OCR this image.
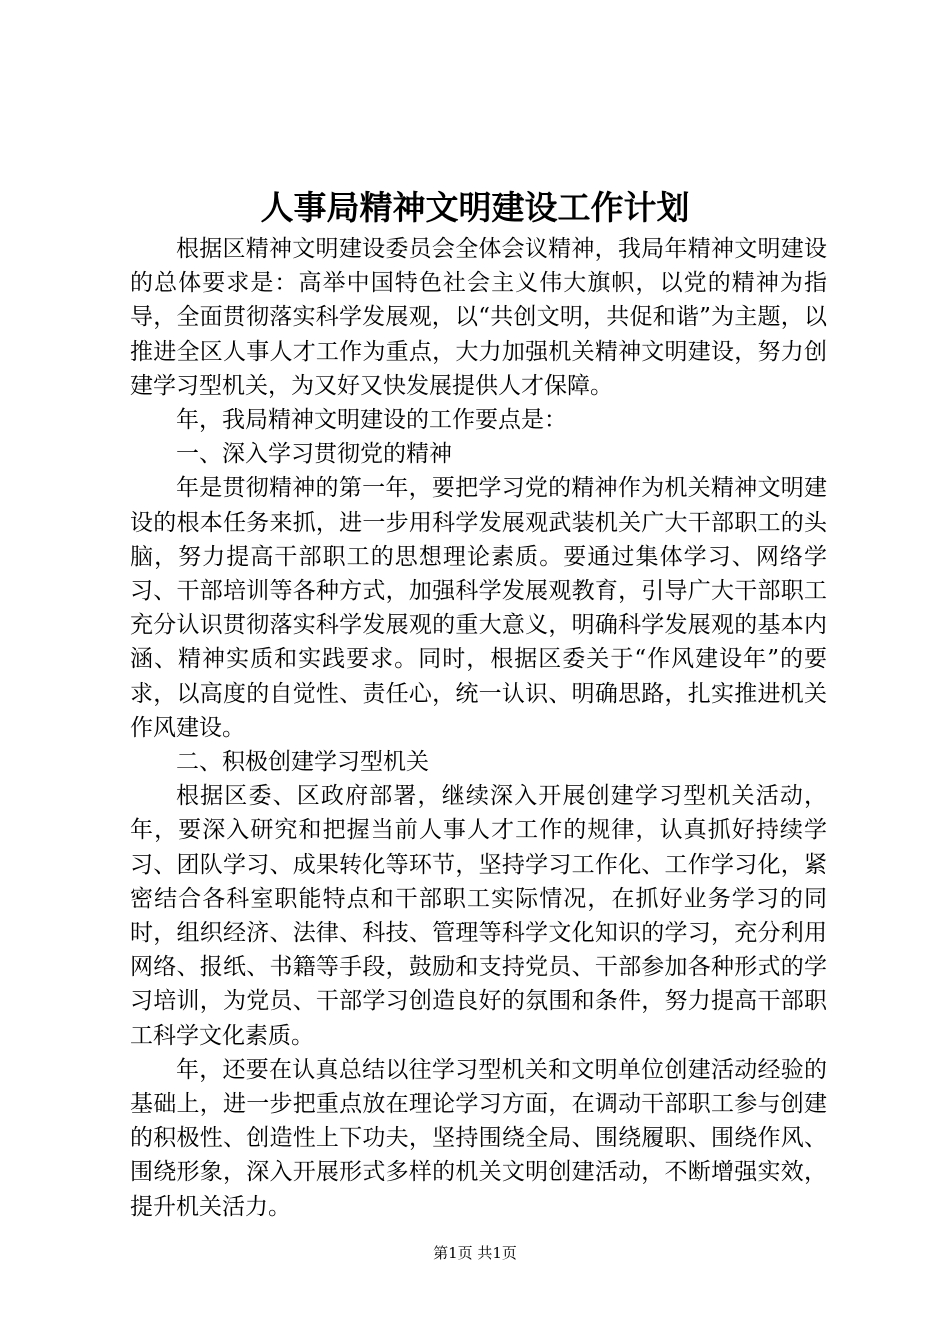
人事局精神文明建设工作计划

根据区精神文明建设委员会全体会议精神，我局年精神文明建设的总体要求是：高举中国特色社会主义伟大旗帜，以党的精神为指导，全面贯彻落实科学发展观，以“共创文明，共促和谐”为主题，以推进全区人事人才工作为重点，大力加强机关精神文明建设，努力创建学习型机关，为又好又快发展提供人才保障。

年，我局精神文明建设的工作要点是：

一、深入学习贯彻党的精神

年是贯彻精神的第一年，要把学习党的精神作为机关精神文明建设的根本任务来抓，进一步用科学发展观武装机关广大干部职工的头脑，努力提高干部职工的思想理论素质。要通过集体学习、网络学习、干部培训等各种方式，加强科学发展观教育，引导广大干部职工充分认识贯彻落实科学发展观的重大意义，明确科学发展观的基本内涵、精神实质和实践要求。同时，根据区委关于“作风建设年”的要求，以高度的自觉性、责任心，统一认识、明确思路，扎实推进机关作风建设。

二、积极创建学习型机关

根据区委、区政府部署，继续深入开展创建学习型机关活动，年，要深入研究和把握当前人事人才工作的规律，认真抓好持续学习、团队学习、成果转化等环节，坚持学习工作化、工作学习化，紧密结合各科室职能特点和干部职工实际情况，在抓好业务学习的同时，组织经济、法律、科技、管理等科学文化知识的学习，充分利用网络、报纸、书籍等手段，鼓励和支持党员、干部参加各种形式的学习培训，为党员、干部学习创造良好的氛围和条件，努力提高干部职工科学文化素质。

年，还要在认真总结以往学习型机关和文明单位创建活动经验的基础上，进一步把重点放在理论学习方面，在调动干部职工参与创建的积极性、创造性上下功夫，坚持围绕全局、围绕履职、围绕作风、围绕形象，深入开展形式多样的机关文明创建活动，不断增强实效，提升机关活力。

第1页 共1页
